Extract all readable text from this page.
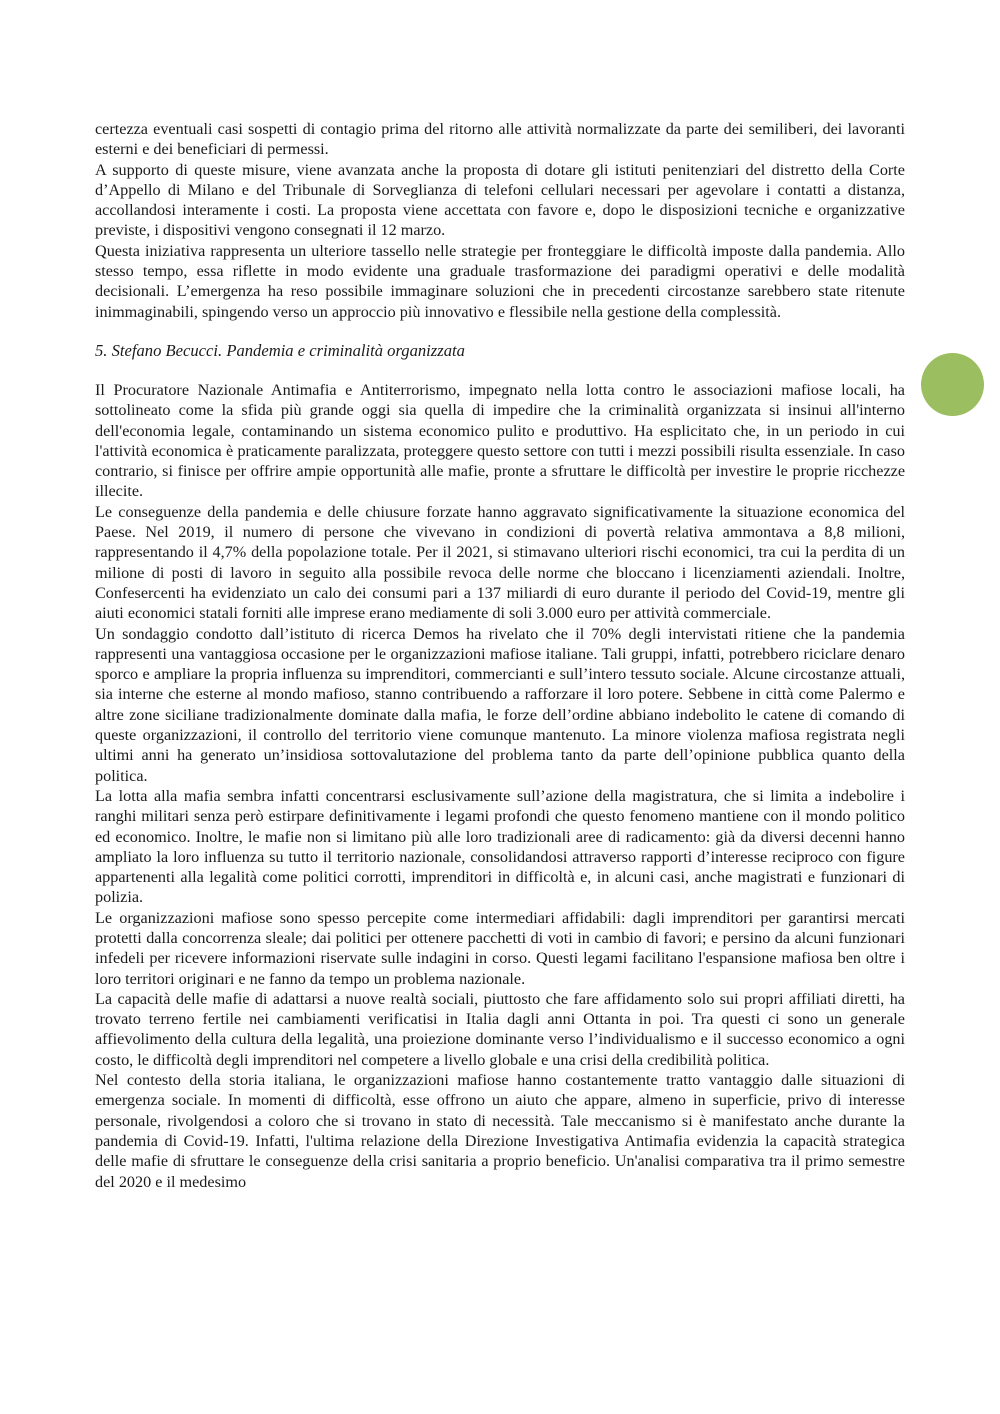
certezza eventuali casi sospetti di contagio prima del ritorno alle attività normalizzate da parte dei semiliberi, dei lavoranti esterni e dei beneficiari di permessi.

A supporto di queste misure, viene avanzata anche la proposta di dotare gli istituti penitenziari del distretto della Corte d’Appello di Milano e del Tribunale di Sorveglianza di telefoni cellulari necessari per agevolare i contatti a distanza, accollandosi interamente i costi. La proposta viene accettata con favore e, dopo le disposizioni tecniche e organizzative previste, i dispositivi vengono consegnati il 12 marzo.

Questa iniziativa rappresenta un ulteriore tassello nelle strategie per fronteggiare le difficoltà imposte dalla pandemia. Allo stesso tempo, essa riflette in modo evidente una graduale trasformazione dei paradigmi operativi e delle modalità decisionali. L’emergenza ha reso possibile immaginare soluzioni che in precedenti circostanze sarebbero state ritenute inimmaginabili, spingendo verso un approccio più innovativo e flessibile nella gestione della complessità.

5. Stefano Becucci. Pandemia e criminalità organizzata

Il Procuratore Nazionale Antimafia e Antiterrorismo, impegnato nella lotta contro le associazioni mafiose locali, ha sottolineato come la sfida più grande oggi sia quella di impedire che la criminalità organizzata si insinui all'interno dell'economia legale, contaminando un sistema economico pulito e produttivo. Ha esplicitato che, in un periodo in cui l'attività economica è praticamente paralizzata, proteggere questo settore con tutti i mezzi possibili risulta essenziale. In caso contrario, si finisce per offrire ampie opportunità alle mafie, pronte a sfruttare le difficoltà per investire le proprie ricchezze illecite.

Le conseguenze della pandemia e delle chiusure forzate hanno aggravato significativamente la situazione economica del Paese. Nel 2019, il numero di persone che vivevano in condizioni di povertà relativa ammontava a 8,8 milioni, rappresentando il 4,7% della popolazione totale. Per il 2021, si stimavano ulteriori rischi economici, tra cui la perdita di un milione di posti di lavoro in seguito alla possibile revoca delle norme che bloccano i licenziamenti aziendali. Inoltre, Confesercenti ha evidenziato un calo dei consumi pari a 137 miliardi di euro durante il periodo del Covid-19, mentre gli aiuti economici statali forniti alle imprese erano mediamente di soli 3.000 euro per attività commerciale.

Un sondaggio condotto dall’istituto di ricerca Demos ha rivelato che il 70% degli intervistati ritiene che la pandemia rappresenti una vantaggiosa occasione per le organizzazioni mafiose italiane. Tali gruppi, infatti, potrebbero riciclare denaro sporco e ampliare la propria influenza su imprenditori, commercianti e sull’intero tessuto sociale. Alcune circostanze attuali, sia interne che esterne al mondo mafioso, stanno contribuendo a rafforzare il loro potere. Sebbene in città come Palermo e altre zone siciliane tradizionalmente dominate dalla mafia, le forze dell’ordine abbiano indebolito le catene di comando di queste organizzazioni, il controllo del territorio viene comunque mantenuto. La minore violenza mafiosa registrata negli ultimi anni ha generato un’insidiosa sottovalutazione del problema tanto da parte dell’opinione pubblica quanto della politica.

La lotta alla mafia sembra infatti concentrarsi esclusivamente sull’azione della magistratura, che si limita a indebolire i ranghi militari senza però estirpare definitivamente i legami profondi che questo fenomeno mantiene con il mondo politico ed economico. Inoltre, le mafie non si limitano più alle loro tradizionali aree di radicamento: già da diversi decenni hanno ampliato la loro influenza su tutto il territorio nazionale, consolidandosi attraverso rapporti d’interesse reciproco con figure appartenenti alla legalità come politici corrotti, imprenditori in difficoltà e, in alcuni casi, anche magistrati e funzionari di polizia.

Le organizzazioni mafiose sono spesso percepite come intermediari affidabili: dagli imprenditori per garantirsi mercati protetti dalla concorrenza sleale; dai politici per ottenere pacchetti di voti in cambio di favori; e persino da alcuni funzionari infedeli per ricevere informazioni riservate sulle indagini in corso. Questi legami facilitano l'espansione mafiosa ben oltre i loro territori originari e ne fanno da tempo un problema nazionale.

La capacità delle mafie di adattarsi a nuove realtà sociali, piuttosto che fare affidamento solo sui propri affiliati diretti, ha trovato terreno fertile nei cambiamenti verificatisi in Italia dagli anni Ottanta in poi. Tra questi ci sono un generale affievolimento della cultura della legalità, una proiezione dominante verso l’individualismo e il successo economico a ogni costo, le difficoltà degli imprenditori nel competere a livello globale e una crisi della credibilità politica.

Nel contesto della storia italiana, le organizzazioni mafiose hanno costantemente tratto vantaggio dalle situazioni di emergenza sociale. In momenti di difficoltà, esse offrono un aiuto che appare, almeno in superficie, privo di interesse personale, rivolgendosi a coloro che si trovano in stato di necessità. Tale meccanismo si è manifestato anche durante la pandemia di Covid-19. Infatti, l'ultima relazione della Direzione Investigativa Antimafia evidenzia la capacità strategica delle mafie di sfruttare le conseguenze della crisi sanitaria a proprio beneficio. Un'analisi comparativa tra il primo semestre del 2020 e il medesimo
